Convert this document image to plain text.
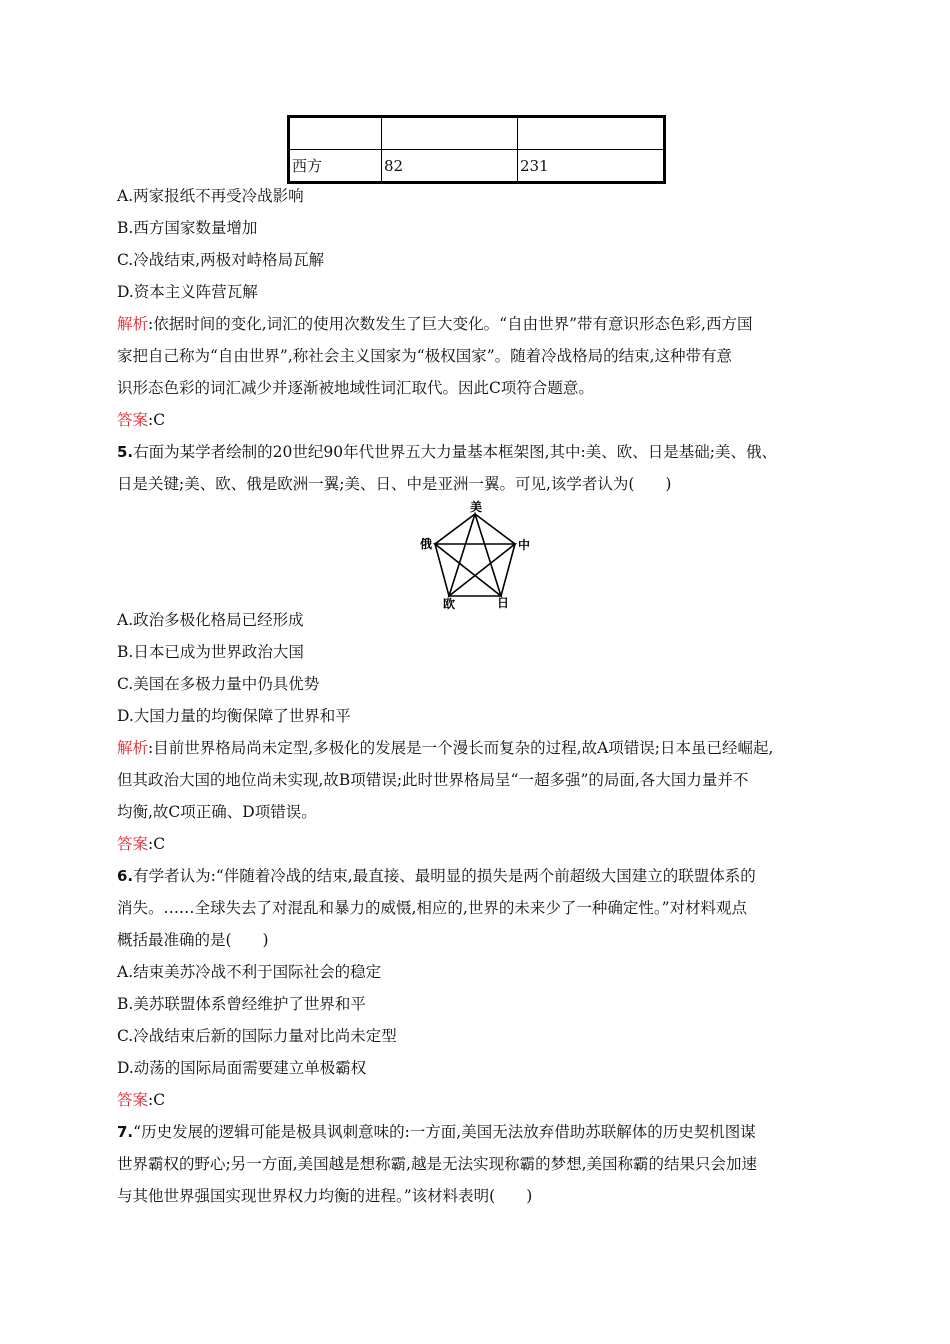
西方	82	231
A.两家报纸不再受冷战影响
B.西方国家数量增加
C.冷战结束,两极对峙格局瓦解
D.资本主义阵营瓦解
解析:依据时间的变化,词汇的使用次数发生了巨大变化。“自由世界”带有意识形态色彩,西方国
家把自己称为“自由世界”,称社会主义国家为“极权国家”。随着冷战格局的结束,这种带有意
识形态色彩的词汇减少并逐渐被地域性词汇取代。因此C项符合题意。
答案:C
5.右面为某学者绘制的20世纪90年代世界五大力量基本框架图,其中:美、欧、日是基础;美、俄、
日是关键;美、欧、俄是欧洲一翼;美、日、中是亚洲一翼。可见,该学者认为(　　)
美
俄	中
欧	日
A.政治多极化格局已经形成
B.日本已成为世界政治大国
C.美国在多极力量中仍具优势
D.大国力量的均衡保障了世界和平
解析:目前世界格局尚未定型,多极化的发展是一个漫长而复杂的过程,故A项错误;日本虽已经崛起,
但其政治大国的地位尚未实现,故B项错误;此时世界格局呈“一超多强”的局面,各大国力量并不
均衡,故C项正确、D项错误。
答案:C
6.有学者认为:“伴随着冷战的结束,最直接、最明显的损失是两个前超级大国建立的联盟体系的
消失。……全球失去了对混乱和暴力的威慑,相应的,世界的未来少了一种确定性。”对材料观点
概括最准确的是(　　)
A.结束美苏冷战不利于国际社会的稳定
B.美苏联盟体系曾经维护了世界和平
C.冷战结束后新的国际力量对比尚未定型
D.动荡的国际局面需要建立单极霸权
答案:C
7.“历史发展的逻辑可能是极具讽刺意味的:一方面,美国无法放弃借助苏联解体的历史契机图谋
世界霸权的野心;另一方面,美国越是想称霸,越是无法实现称霸的梦想,美国称霸的结果只会加速
与其他世界强国实现世界权力均衡的进程。”该材料表明(　　)
